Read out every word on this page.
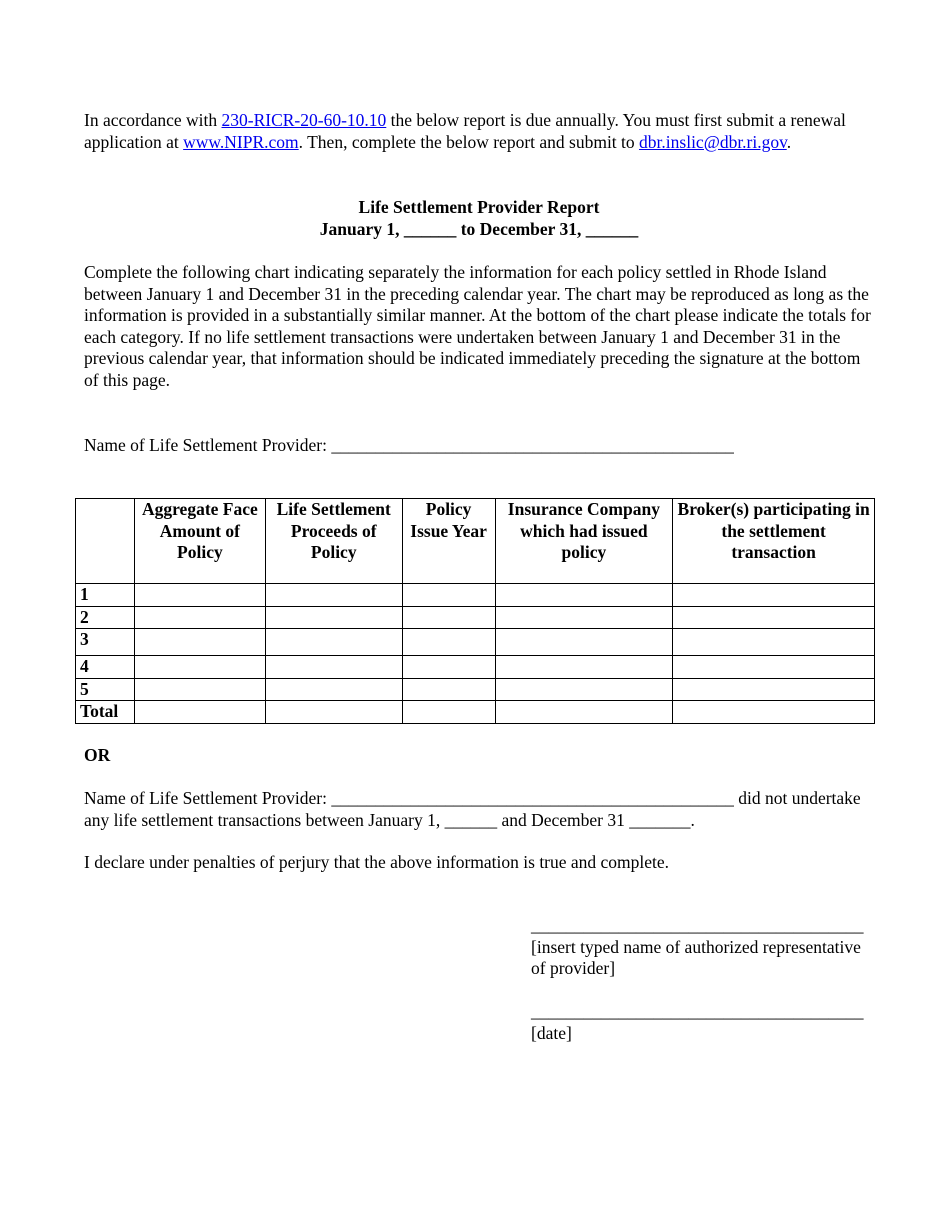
In accordance with 230-RICR-20-60-10.10 the below report is due annually. You must first submit a renewal application at www.NIPR.com. Then, complete the below report and submit to dbr.inslic@dbr.ri.gov.

Life Settlement Provider Report
January 1, ______ to December 31, ______
Complete the following chart indicating separately the information for each policy settled in Rhode Island between January 1 and December 31 in the preceding calendar year. The chart may be reproduced as long as the information is provided in a substantially similar manner. At the bottom of the chart please indicate the totals for each category. If no life settlement transactions were undertaken between January 1 and December 31 in the previous calendar year, that information should be indicated immediately preceding the signature at the bottom of this page.
Name of Life Settlement Provider: ______________________________________________
	Aggregate Face Amount of Policy	Life Settlement Proceeds of Policy	Policy Issue Year	Insurance Company which had issued policy	Broker(s) participating in the settlement transaction
1					
2					
3					
4					
5					
Total					
OR
Name of Life Settlement Provider: ______________________________________________ did not undertake any life settlement transactions between January 1, ______ and December 31 _______.
I declare under penalties of perjury that the above information is true and complete.
______________________________________
[insert typed name of authorized representative of provider]
______________________________________
[date]
